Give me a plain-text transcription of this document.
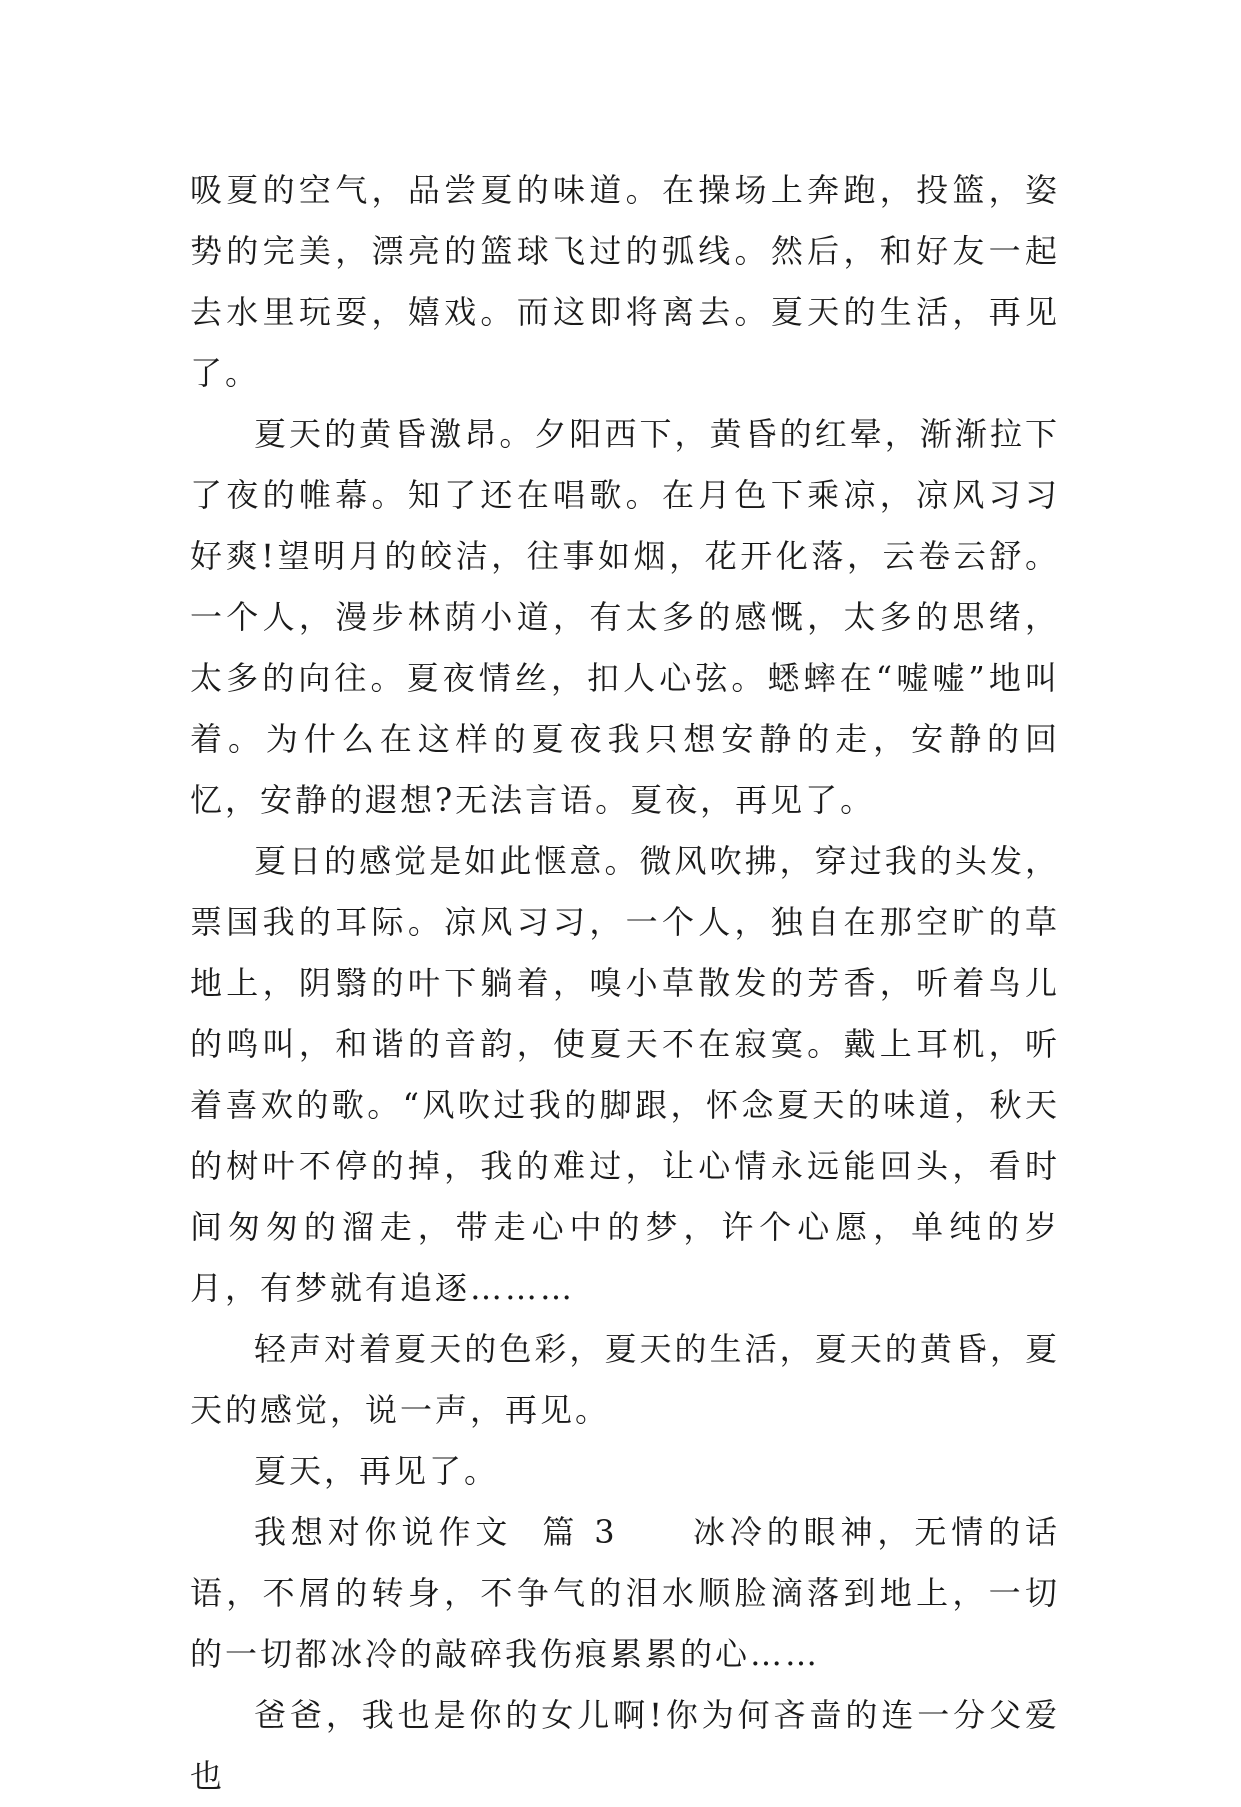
吸夏的空气，品尝夏的味道。在操场上奔跑，投篮，姿势的完美，漂亮的篮球飞过的弧线。然后，和好友一起去水里玩耍，嬉戏。而这即将离去。夏天的生活，再见了。

夏天的黄昏激昂。夕阳西下，黄昏的红晕，渐渐拉下了夜的帷幕。知了还在唱歌。在月色下乘凉，凉风习习好爽!望明月的皎洁，往事如烟，花开化落，云卷云舒。一个人，漫步林荫小道，有太多的感慨，太多的思绪，太多的向往。夏夜情丝，扣人心弦。蟋蟀在“嘘嘘”地叫着。为什么在这样的夏夜我只想安静的走，安静的回忆，安静的遐想?无法言语。夏夜，再见了。

夏日的感觉是如此惬意。微风吹拂，穿过我的头发，票国我的耳际。凉风习习，一个人，独自在那空旷的草地上，阴翳的叶下躺着，嗅小草散发的芳香，听着鸟儿的鸣叫，和谐的音韵，使夏天不在寂寞。戴上耳机，听着喜欢的歌。“风吹过我的脚跟，怀念夏天的味道，秋天的树叶不停的掉，我的难过，让心情永远能回头，看时间匆匆的溜走，带走心中的梦，许个心愿，单纯的岁月，有梦就有追逐………

轻声对着夏天的色彩，夏天的生活，夏天的黄昏，夏天的感觉，说一声，再见。

夏天，再见了。

我想对你说作文  篇 3     冰冷的眼神，无情的话语，不屑的转身，不争气的泪水顺脸滴落到地上，一切的一切都冰冷的敲碎我伤痕累累的心……

爸爸，我也是你的女儿啊!你为何吝啬的连一分父爱也
